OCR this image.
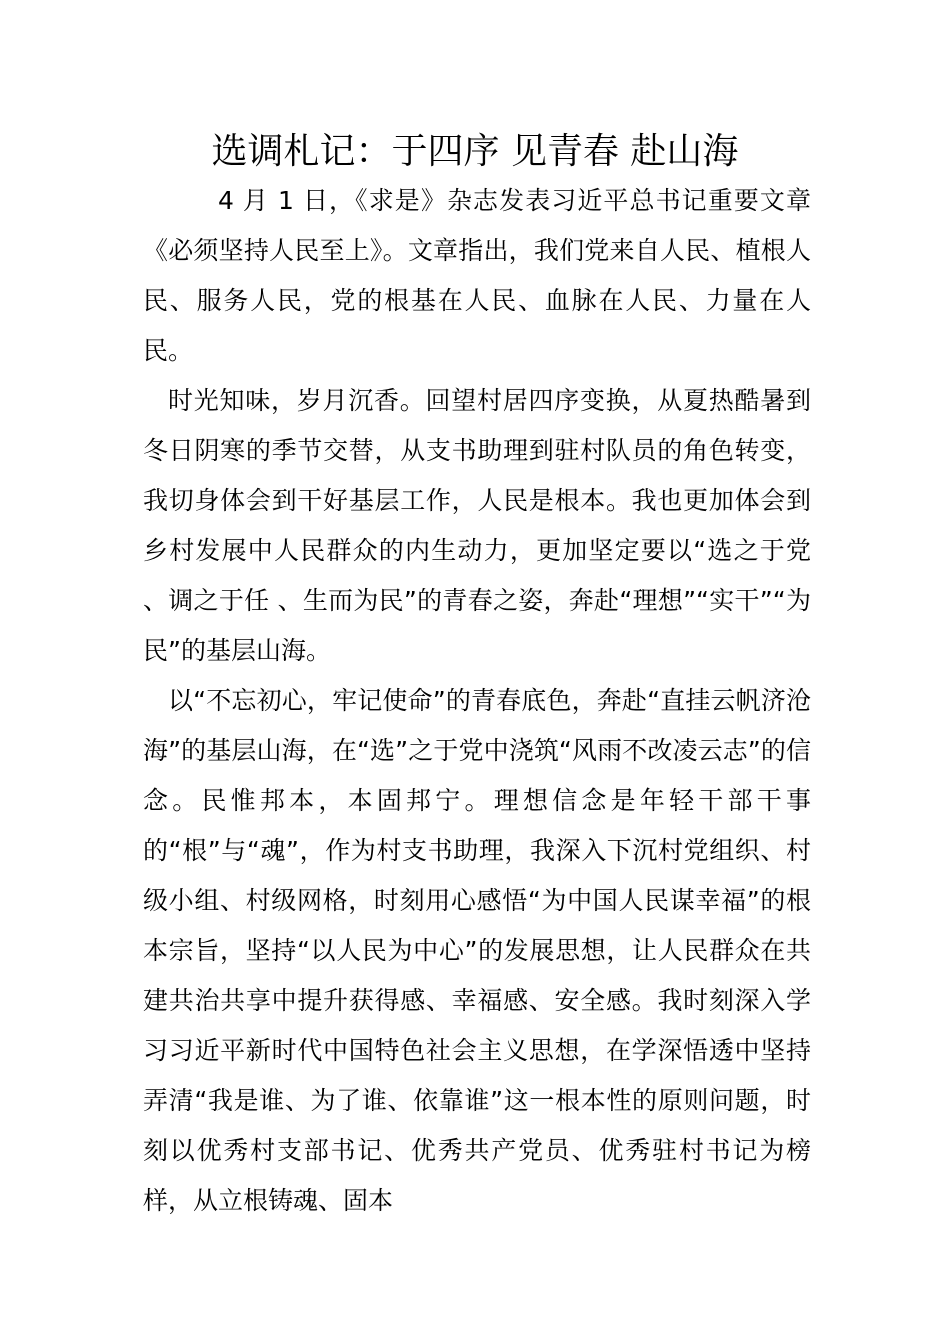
选调札记：于四序 见青春 赴山海

4 月 1 日，《求是》杂志发表习近平总书记重要文章《必须坚持人民至上》。文章指出，我们党来自人民、植根人民、服务人民，党的根基在人民、血脉在人民、力量在人民。

时光知味，岁月沉香。回望村居四序变换，从夏热酷暑到冬日阴寒的季节交替，从支书助理到驻村队员的角色转变，我切身体会到干好基层工作，人民是根本。我也更加体会到乡村发展中人民群众的内生动力，更加坚定要以“选之于党 、调之于任 、生而为民”的青春之姿，奔赴“理想”“实干”“为民”的基层山海。

以“不忘初心，牢记使命”的青春底色，奔赴“直挂云帆济沧海”的基层山海，在“选”之于党中浇筑“风雨不改凌云志”的信念。民惟邦本，本固邦宁。理想信念是年轻干部干事的“根”与“魂”，作为村支书助理，我深入下沉村党组织、村级小组、村级网格，时刻用心感悟“为中国人民谋幸福”的根本宗旨，坚持“以人民为中心”的发展思想，让人民群众在共建共治共享中提升获得感、幸福感、安全感。我时刻深入学习习近平新时代中国特色社会主义思想，在学深悟透中坚持弄清“我是谁、为了谁、依靠谁”这一根本性的原则问题，时刻以优秀村支部书记、优秀共产党员、优秀驻村书记为榜样，从立根铸魂、固本
